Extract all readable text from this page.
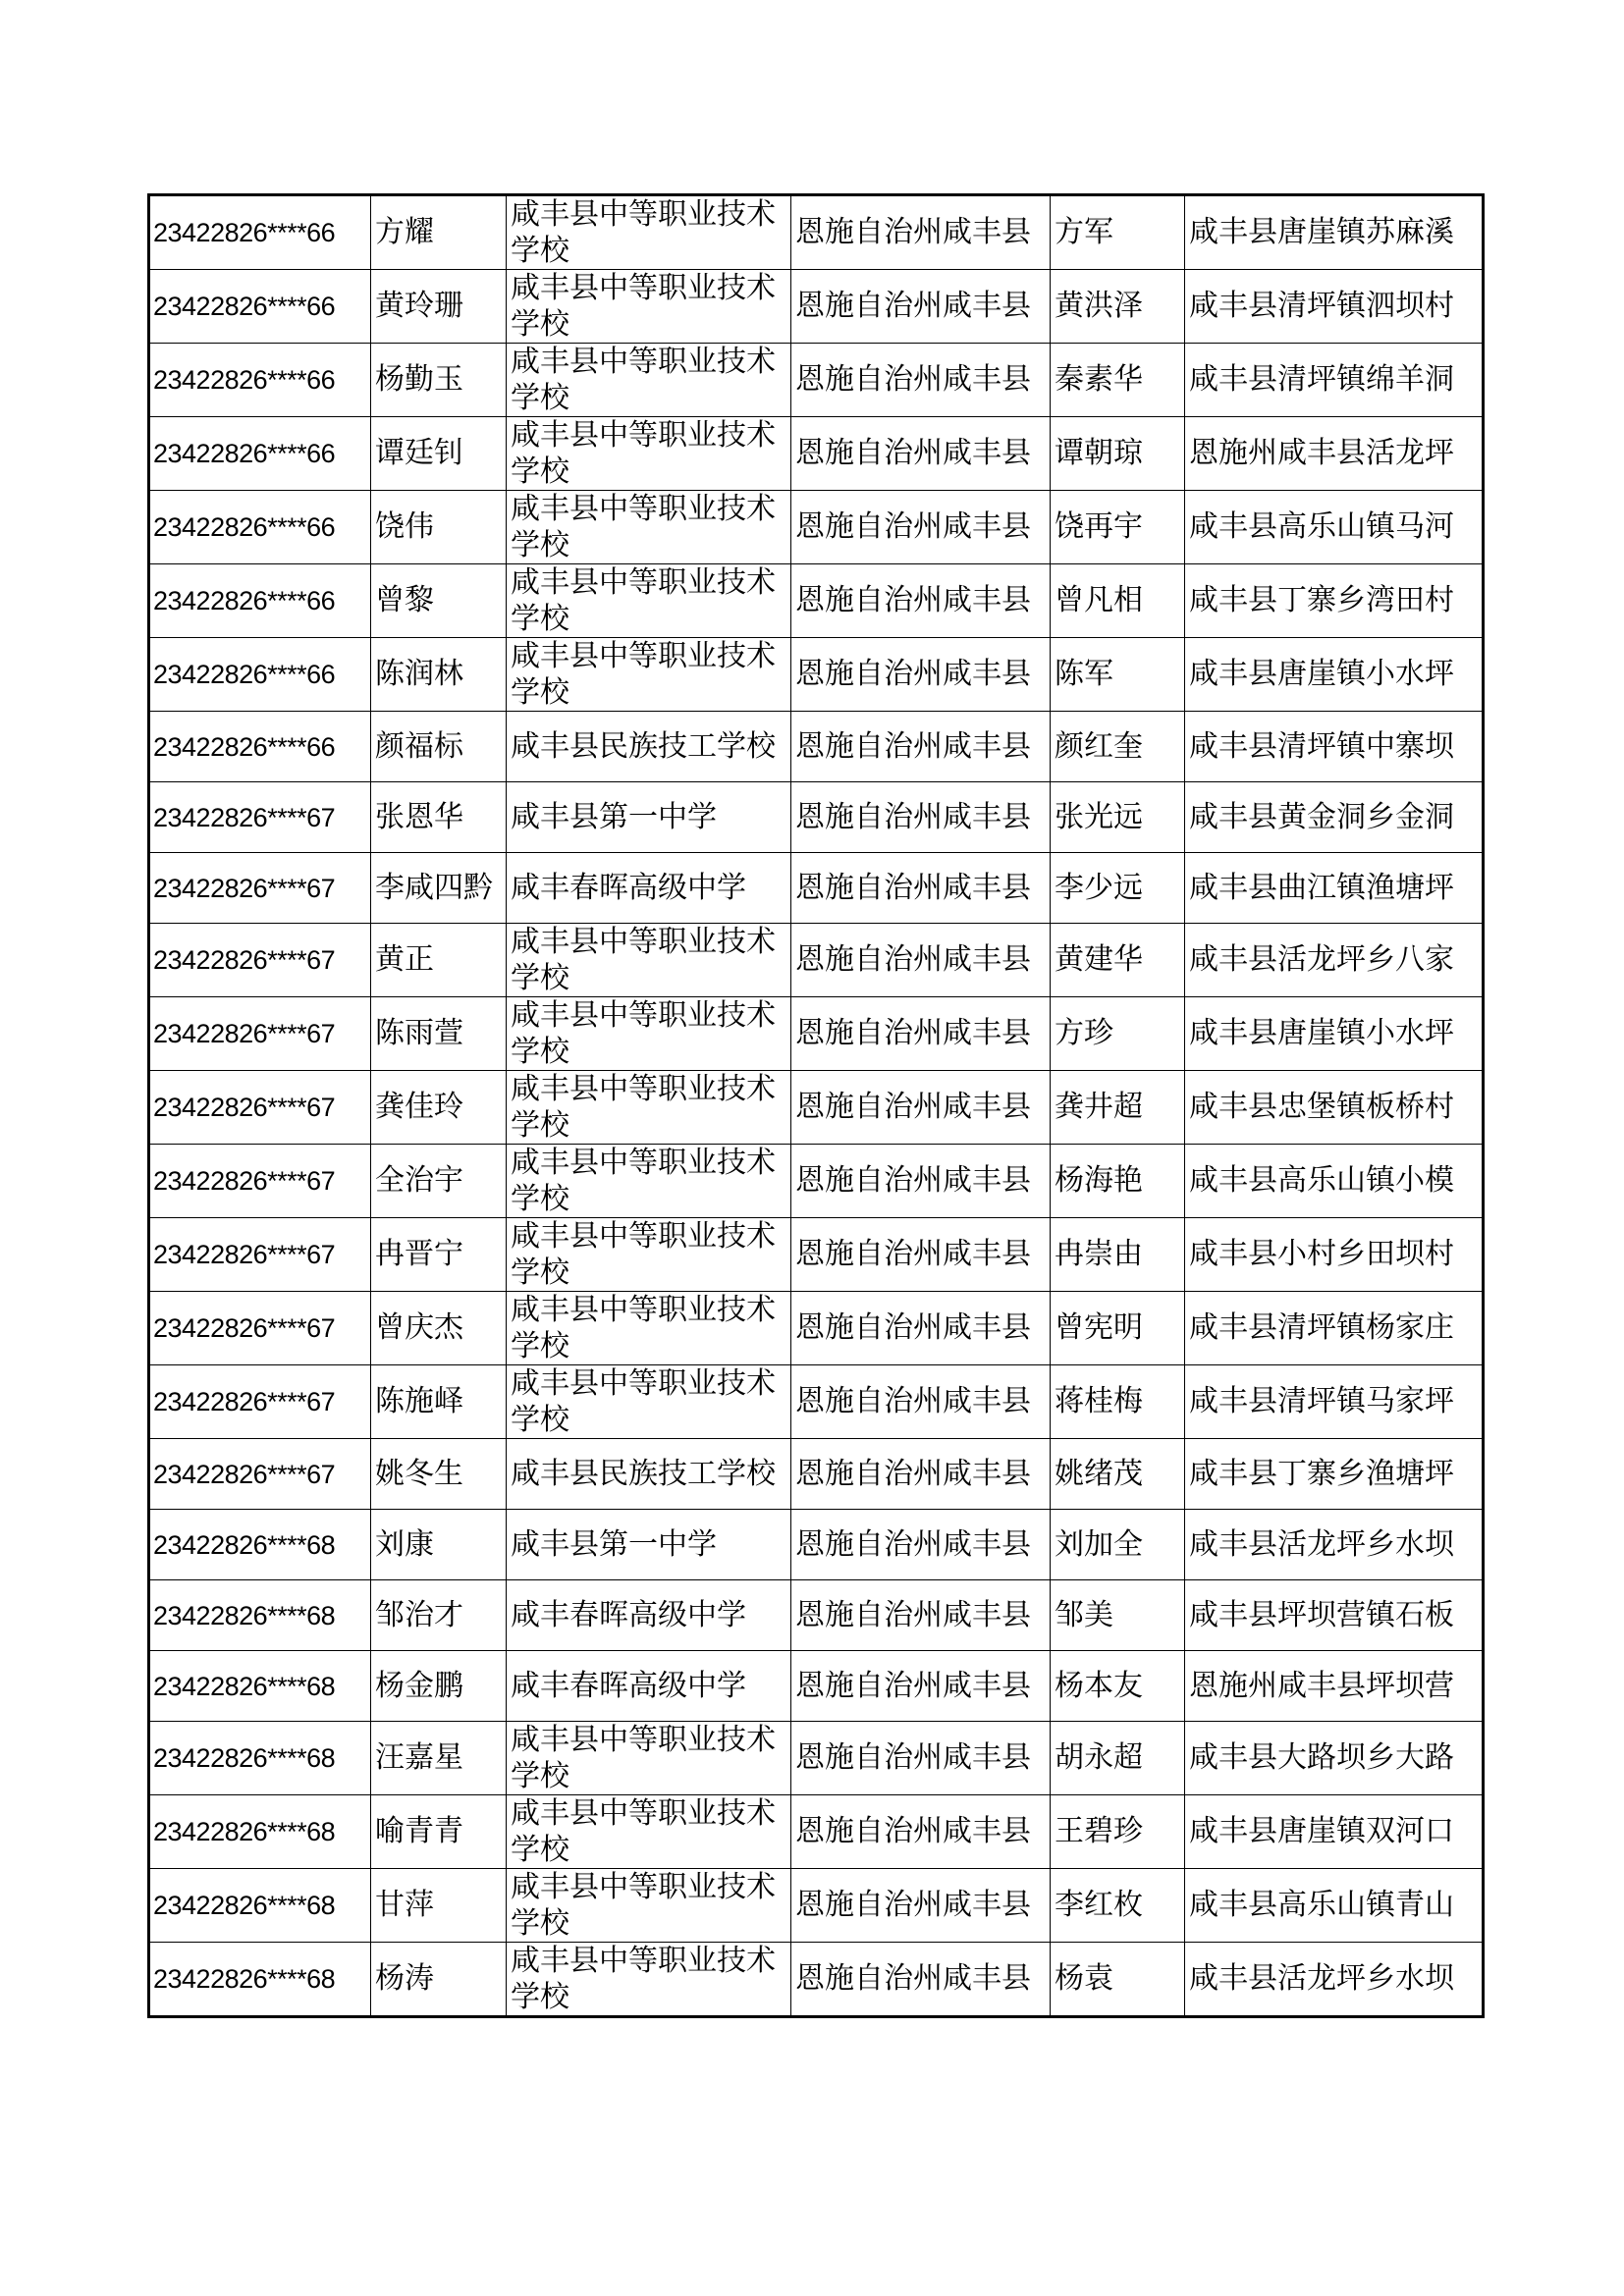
23422826****66	方耀	咸丰县中等职业技术学校	恩施自治州咸丰县	方军	咸丰县唐崖镇苏麻溪
23422826****66	黄玲珊	咸丰县中等职业技术学校	恩施自治州咸丰县	黄洪泽	咸丰县清坪镇泗坝村
23422826****66	杨勤玉	咸丰县中等职业技术学校	恩施自治州咸丰县	秦素华	咸丰县清坪镇绵羊洞
23422826****66	谭廷钊	咸丰县中等职业技术学校	恩施自治州咸丰县	谭朝琼	恩施州咸丰县活龙坪
23422826****66	饶伟	咸丰县中等职业技术学校	恩施自治州咸丰县	饶再宇	咸丰县高乐山镇马河
23422826****66	曾黎	咸丰县中等职业技术学校	恩施自治州咸丰县	曾凡相	咸丰县丁寨乡湾田村
23422826****66	陈润林	咸丰县中等职业技术学校	恩施自治州咸丰县	陈军	咸丰县唐崖镇小水坪
23422826****66	颜福标	咸丰县民族技工学校	恩施自治州咸丰县	颜红奎	咸丰县清坪镇中寨坝
23422826****67	张恩华	咸丰县第一中学	恩施自治州咸丰县	张光远	咸丰县黄金洞乡金洞
23422826****67	李咸四黔	咸丰春晖高级中学	恩施自治州咸丰县	李少远	咸丰县曲江镇渔塘坪
23422826****67	黄正	咸丰县中等职业技术学校	恩施自治州咸丰县	黄建华	咸丰县活龙坪乡八家
23422826****67	陈雨萱	咸丰县中等职业技术学校	恩施自治州咸丰县	方珍	咸丰县唐崖镇小水坪
23422826****67	龚佳玲	咸丰县中等职业技术学校	恩施自治州咸丰县	龚井超	咸丰县忠堡镇板桥村
23422826****67	全治宇	咸丰县中等职业技术学校	恩施自治州咸丰县	杨海艳	咸丰县高乐山镇小模
23422826****67	冉晋宁	咸丰县中等职业技术学校	恩施自治州咸丰县	冉崇由	咸丰县小村乡田坝村
23422826****67	曾庆杰	咸丰县中等职业技术学校	恩施自治州咸丰县	曾宪明	咸丰县清坪镇杨家庄
23422826****67	陈施峄	咸丰县中等职业技术学校	恩施自治州咸丰县	蒋桂梅	咸丰县清坪镇马家坪
23422826****67	姚冬生	咸丰县民族技工学校	恩施自治州咸丰县	姚绪茂	咸丰县丁寨乡渔塘坪
23422826****68	刘康	咸丰县第一中学	恩施自治州咸丰县	刘加全	咸丰县活龙坪乡水坝
23422826****68	邹治才	咸丰春晖高级中学	恩施自治州咸丰县	邹美	咸丰县坪坝营镇石板
23422826****68	杨金鹏	咸丰春晖高级中学	恩施自治州咸丰县	杨本友	恩施州咸丰县坪坝营
23422826****68	汪嘉星	咸丰县中等职业技术学校	恩施自治州咸丰县	胡永超	咸丰县大路坝乡大路
23422826****68	喻青青	咸丰县中等职业技术学校	恩施自治州咸丰县	王碧珍	咸丰县唐崖镇双河口
23422826****68	甘萍	咸丰县中等职业技术学校	恩施自治州咸丰县	李红枚	咸丰县高乐山镇青山
23422826****68	杨涛	咸丰县中等职业技术学校	恩施自治州咸丰县	杨袁	咸丰县活龙坪乡水坝
